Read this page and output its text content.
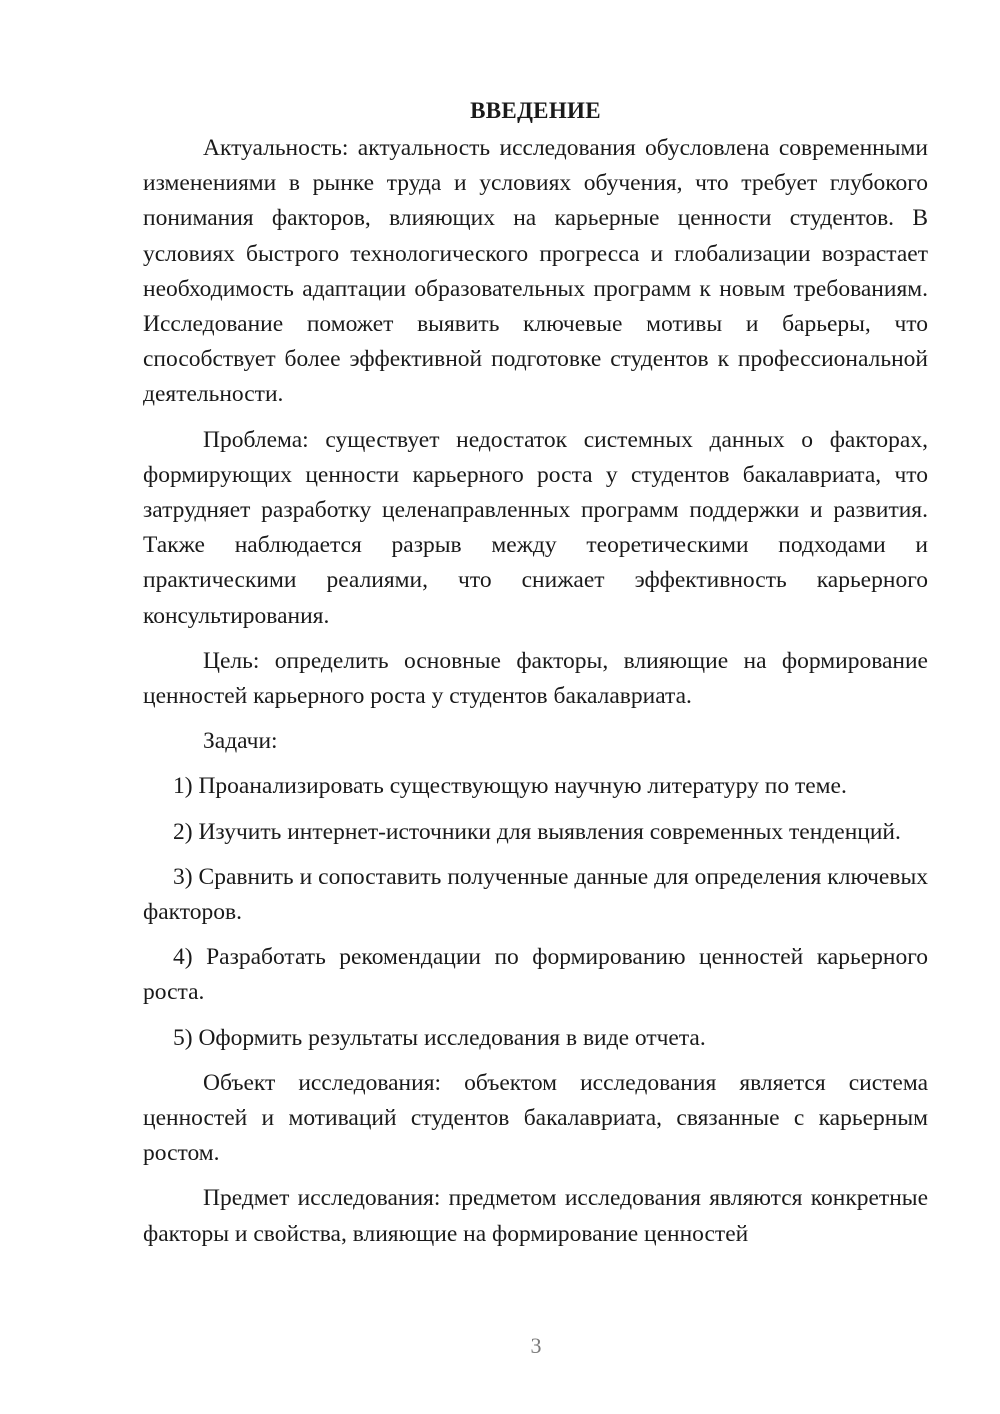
ВВЕДЕНИЕ

Актуальность: актуальность исследования обусловлена современными изменениями в рынке труда и условиях обучения, что требует глубокого понимания факторов, влияющих на карьерные ценности студентов. В условиях быстрого технологического прогресса и глобализации возрастает необходимость адаптации образовательных программ к новым требованиям. Исследование поможет выявить ключевые мотивы и барьеры, что способствует более эффективной подготовке студентов к профессиональной деятельности.

Проблема: существует недостаток системных данных о факторах, формирующих ценности карьерного роста у студентов бакалавриата, что затрудняет разработку целенаправленных программ поддержки и развития. Также наблюдается разрыв между теоретическими подходами и практическими реалиями, что снижает эффективность карьерного консультирования.

Цель: определить основные факторы, влияющие на формирование ценностей карьерного роста у студентов бакалавриата.

Задачи:

1) Проанализировать существующую научную литературу по теме.

2) Изучить интернет-источники для выявления современных тенденций.

3) Сравнить и сопоставить полученные данные для определения ключевых факторов.

4) Разработать рекомендации по формированию ценностей карьерного роста.

5) Оформить результаты исследования в виде отчета.

Объект исследования: объектом исследования является система ценностей и мотиваций студентов бакалавриата, связанные с карьерным ростом.

Предмет исследования: предметом исследования являются конкретные факторы и свойства, влияющие на формирование ценностей

3
